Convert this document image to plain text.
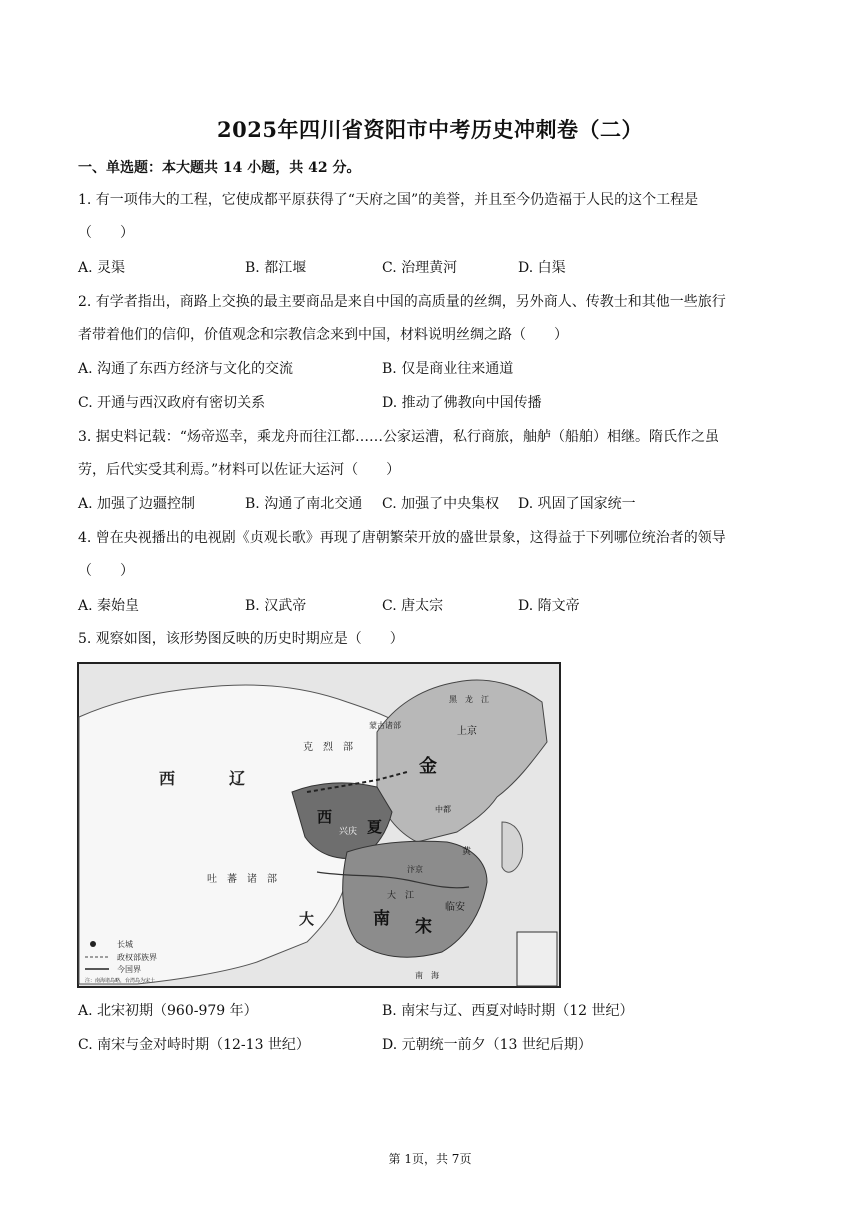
2025年四川省资阳市中考历史冲刺卷（二）
一、单选题：本大题共 14 小题，共 42 分。
1. 有一项伟大的工程，它使成都平原获得了“天府之国”的美誉，并且至今仍造福于人民的这个工程是
（　　）
A. 灵渠	B. 都江堰	C. 治理黄河	D. 白渠
2. 有学者指出，商路上交换的最主要商品是来自中国的高质量的丝绸，另外商人、传教士和其他一些旅行
者带着他们的信仰，价值观念和宗教信念来到中国，材料说明丝绸之路（　　）
A. 沟通了东西方经济与文化的交流	B. 仅是商业往来通道
C. 开通与西汉政府有密切关系	D. 推动了佛教向中国传播
3. 据史料记载：“炀帝巡幸，乘龙舟而往江都……公家运漕，私行商旅，舳舻（船舶）相继。隋氏作之虽
劳，后代实受其利焉。”材料可以佐证大运河（　　）
A. 加强了边疆控制	B. 沟通了南北交通 C. 加强了中央集权 D. 巩固了国家统一
4. 曾在央视播出的电视剧《贞观长歌》再现了唐朝繁荣开放的盛世景象，这得益于下列哪位统治者的领导
（　　）
A. 秦始皇	B. 汉武帝	C. 唐太宗	D. 隋文帝
5. 观察如图，该形势图反映的历史时期应是（　　）
西	辽
克　烈　部
蒙古诸部
金
黑　龙　江
上京
中都
西
夏
兴庆
吐　蕃　诸　部
汴京
黄
大　江
临安
南 宋
大
南　海
长城
政权部族界
今国界
注：南海诸岛略，台湾岛为宋土
A. 北宋初期（960-979 年）	B. 南宋与辽、西夏对峙时期（12 世纪）
C. 南宋与金对峙时期（12-13 世纪）	D. 元朝统一前夕（13 世纪后期）
第 1页，共 7页
